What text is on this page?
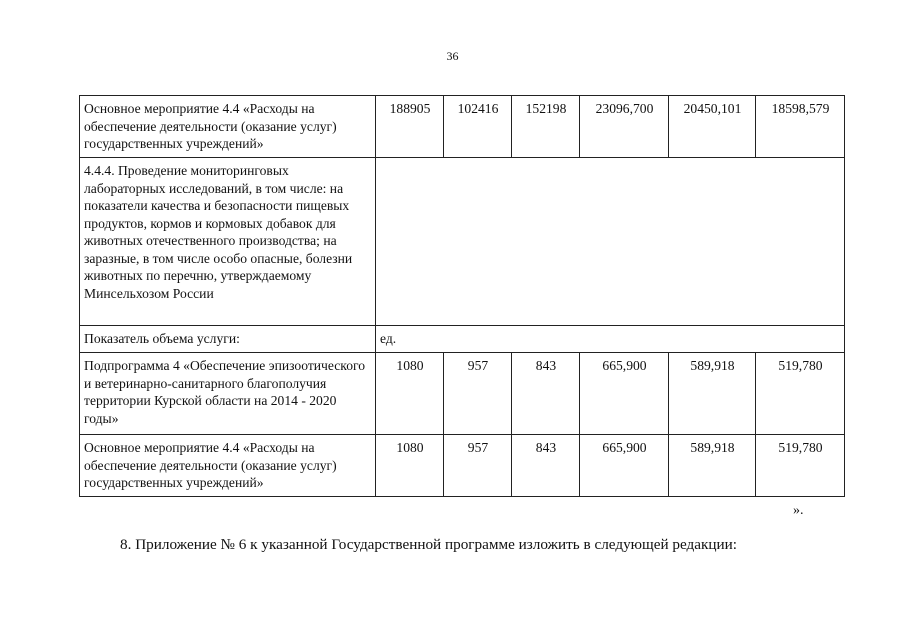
36
Основное мероприятие 4.4 «Расходы на обеспечение деятельности (оказание услуг) государственных учреждений»	188905	102416	152198	23096,700	20450,101	18598,579
4.4.4. Проведение мониторинговых лабораторных исследований, в том числе: на показатели качества и безопасности пищевых продуктов, кормов и кормовых добавок для животных отечественного производства; на заразные, в том числе особо опасные, болезни животных по перечню, утверждаемому Минсельхозом России						
Показатель объема услуги:	ед.					
Подпрограмма 4 «Обеспечение эпизоотического и ветеринарно-санитарного благополучия территории Курской области на 2014 - 2020 годы»	1080	957	843	665,900	589,918	519,780
Основное мероприятие 4.4 «Расходы на обеспечение деятельности (оказание услуг) государственных учреждений»	1080	957	843	665,900	589,918	519,780
».
8. Приложение № 6 к указанной Государственной программе изложить в следующей редакции:
